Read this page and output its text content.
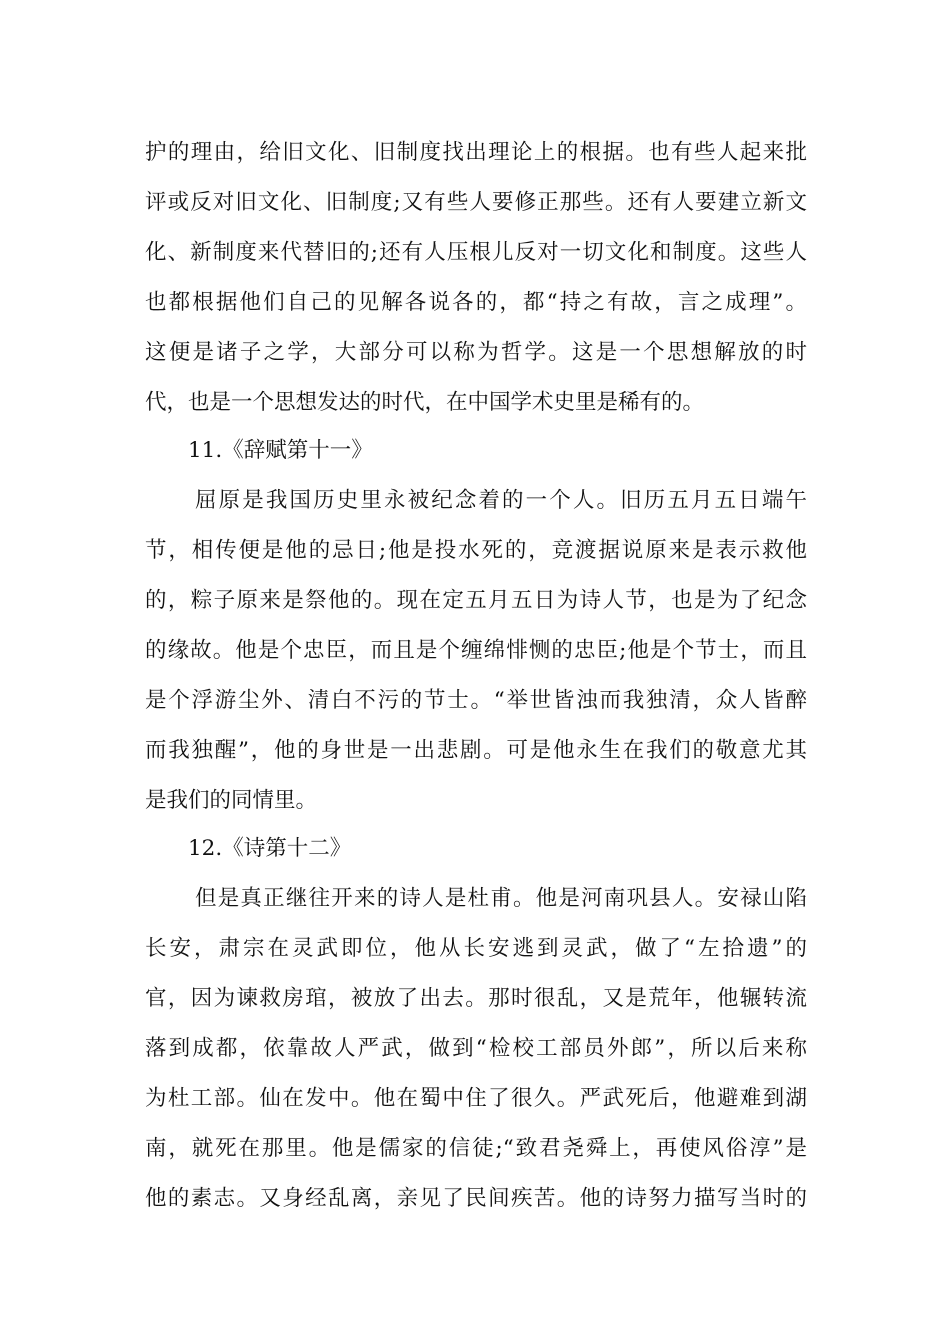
护的理由，给旧文化、旧制度找出理论上的根据。也有些人起来批
评或反对旧文化、旧制度;又有些人要修正那些。还有人要建立新文
化、新制度来代替旧的;还有人压根儿反对一切文化和制度。这些人
也都根据他们自己的见解各说各的，都“持之有故，言之成理”。
这便是诸子之学，大部分可以称为哲学。这是一个思想解放的时
代，也是一个思想发达的时代，在中国学术史里是稀有的。
11.《辞赋第十一》
屈原是我国历史里永被纪念着的一个人。旧历五月五日端午
节，相传便是他的忌日;他是投水死的，竞渡据说原来是表示救他
的，粽子原来是祭他的。现在定五月五日为诗人节，也是为了纪念
的缘故。他是个忠臣，而且是个缠绵悱恻的忠臣;他是个节士，而且
是个浮游尘外、清白不污的节士。“举世皆浊而我独清，众人皆醉
而我独醒”，他的身世是一出悲剧。可是他永生在我们的敬意尤其
是我们的同情里。
12.《诗第十二》
但是真正继往开来的诗人是杜甫。他是河南巩县人。安禄山陷
长安，肃宗在灵武即位，他从长安逃到灵武，做了“左拾遗”的
官，因为谏救房琯，被放了出去。那时很乱，又是荒年，他辗转流
落到成都，依靠故人严武，做到“检校工部员外郎”，所以后来称
为杜工部。仙在发中。他在蜀中住了很久。严武死后，他避难到湖
南，就死在那里。他是儒家的信徒;“致君尧舜上，再使风俗淳”是
他的素志。又身经乱离，亲见了民间疾苦。他的诗努力描写当时的
